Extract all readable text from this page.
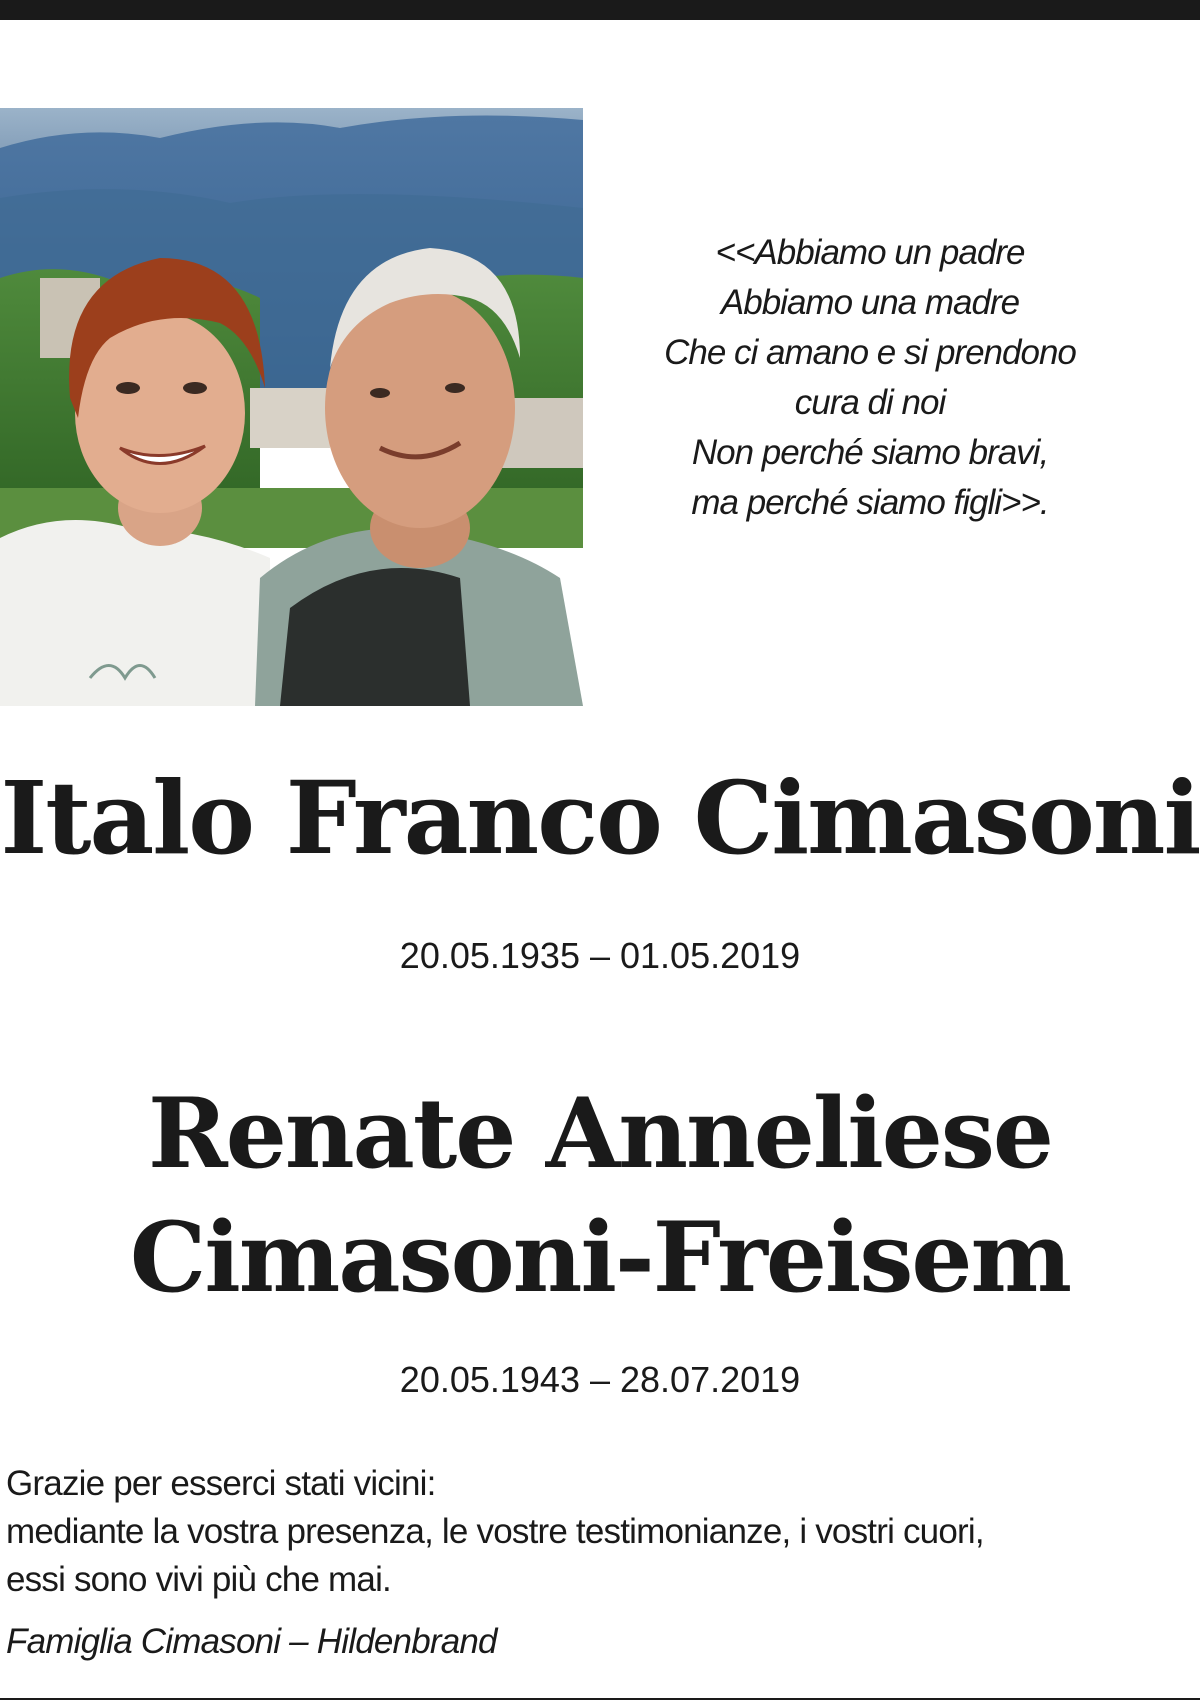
<<Abbiamo un padre
Abbiamo una madre
Che ci amano e si prendono
cura di noi
Non perché siamo bravi,
ma perché siamo figli>>.
Italo Franco Cimasoni
20.05.1935 – 01.05.2019
Renate Anneliese
Cimasoni-Freisem
20.05.1943 – 28.07.2019
Grazie per esserci stati vicini:
mediante la vostra presenza, le vostre testimonianze, i vostri cuori,
essi sono vivi più che mai.
Famiglia Cimasoni – Hildenbrand
